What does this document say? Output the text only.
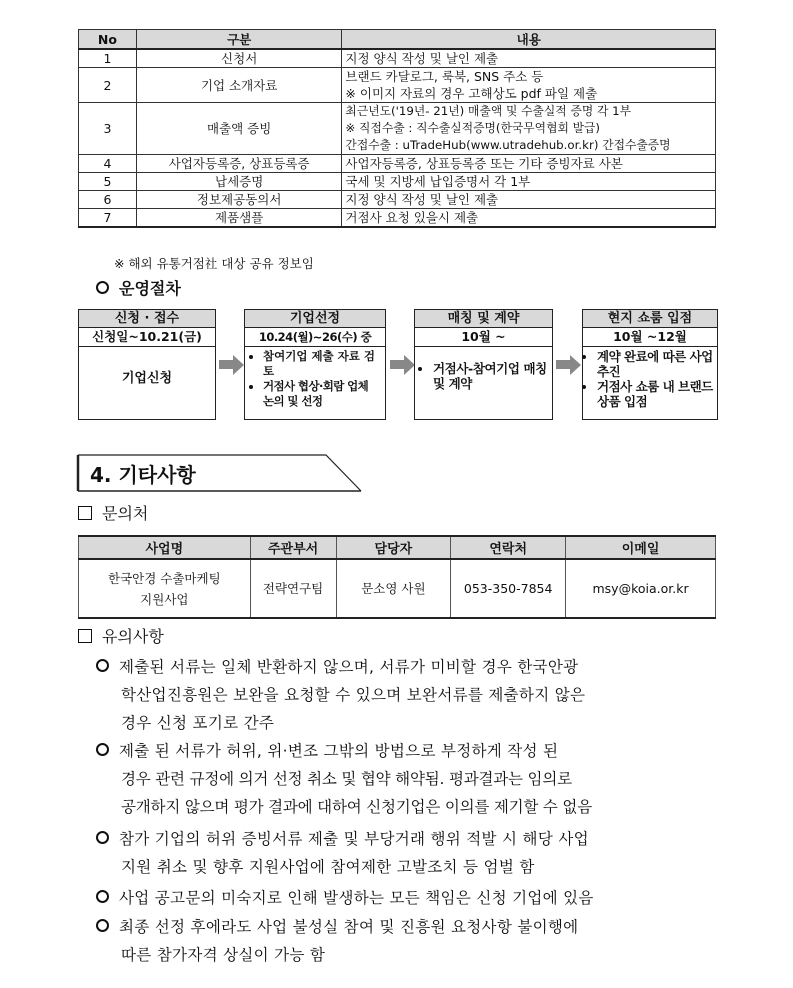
No	구분	내용
1	신청서	지정 양식 작성 및 날인 제출
2	기업 소개자료	브랜드 카달로그, 룩북, SNS 주소 등
※ 이미지 자료의 경우 고해상도 pdf 파일 제출
3	매출액 증빙	최근년도('19년- 21년) 매출액 및 수출실적 증명 각 1부
※ 직접수출 : 직수출실적증명(한국무역협회 발급)
간접수출 : uTradeHub(www.utradehub.or.kr) 간접수출증명
4	사업자등록증, 상표등록증	사업자등록증, 상표등록증 또는 기타 증빙자료 사본
5	납세증명	국세 및 지방세 납입증명서 각 1부
6	정보제공동의서	지정 양식 작성 및 날인 제출
7	제품샘플	거점사 요청 있을시 제출
※ 해외 유통거점社 대상 공유 정보임
운영절차
신청 · 접수
신청일~10.21(금)
기업신청
기업선정
10.24(월)~26(수) 중
• 참여기업 제출 자료 검토
• 거점사 협상·회람 업체 논의 및 선정
매칭 및 계약
10월 ~
• 거점사-참여기업 매칭 및 계약
현지 쇼룸 입점
10월 ~12월
• 계약 완료에 따른 사업 추진
• 거점사 쇼룸 내 브랜드상품 입점
4. 기타사항
문의처
사업명	주관부서	담당자	연락처	이메일
한국안경 수출마케팅
지원사업	전략연구팀	문소영 사원	053-350-7854	msy@koia.or.kr
유의사항
제출된 서류는 일체 반환하지 않으며, 서류가 미비할 경우 한국안광
학산업진흥원은 보완을 요청할 수 있으며 보완서류를 제출하지 않은
경우 신청 포기로 간주
제출 된 서류가 허위, 위·변조 그밖의 방법으로 부정하게 작성 된
경우 관련 규정에 의거 선정 취소 및 협약 해약됨. 평과결과는 임의로
공개하지 않으며 평가 결과에 대하여 신청기업은 이의를 제기할 수 없음
참가 기업의 허위 증빙서류 제출 및 부당거래 행위 적발 시 해당 사업
지원 취소 및 향후 지원사업에 참여제한 고발조치 등 엄벌 함
사업 공고문의 미숙지로 인해 발생하는 모든 책임은 신청 기업에 있음
최종 선정 후에라도 사업 불성실 참여 및 진흥원 요청사항 불이행에
따른 참가자격 상실이 가능 함
